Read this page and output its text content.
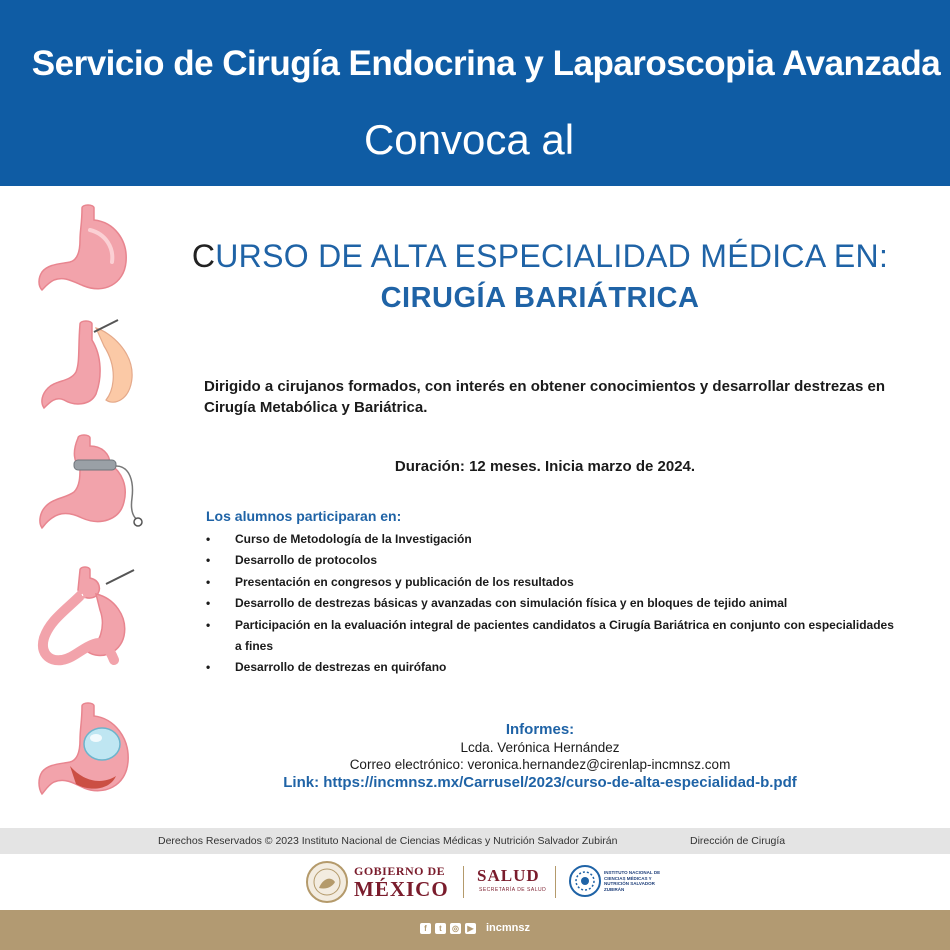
Servicio de Cirugía Endocrina y Laparoscopia Avanzada
Convoca al
CURSO DE ALTA ESPECIALIDAD MÉDICA EN:
CIRUGÍA BARIÁTRICA
Dirigido a cirujanos formados, con interés en obtener conocimientos y desarrollar destrezas en Cirugía Metabólica y Bariátrica.
Duración: 12 meses. Inicia marzo de 2024.
Los alumnos participaran en:
• Curso de Metodología de la Investigación
• Desarrollo de protocolos
• Presentación en congresos y publicación de los resultados
• Desarrollo de destrezas básicas y avanzadas con simulación física y en bloques de tejido animal
• Participación en la evaluación integral de pacientes candidatos a Cirugía Bariátrica en conjunto con especialidades a fines
• Desarrollo de destrezas en quirófano
Informes:
Lcda. Verónica Hernández
Correo electrónico: veronica.hernandez@cirenlap-incmnsz.com
Link: https://incmnsz.mx/Carrusel/2023/curso-de-alta-especialidad-b.pdf
Derechos Reservados © 2023 Instituto Nacional de Ciencias Médicas y Nutrición Salvador Zubirán	Dirección de Cirugía
GOBIERNO DE
MÉXICO
SALUD
SECRETARÍA DE SALUD
INSTITUTO NACIONAL DE CIENCIAS MÉDICAS Y NUTRICIÓN SALVADOR ZUBIRÁN
f	t	◎	▶ incmnsz
